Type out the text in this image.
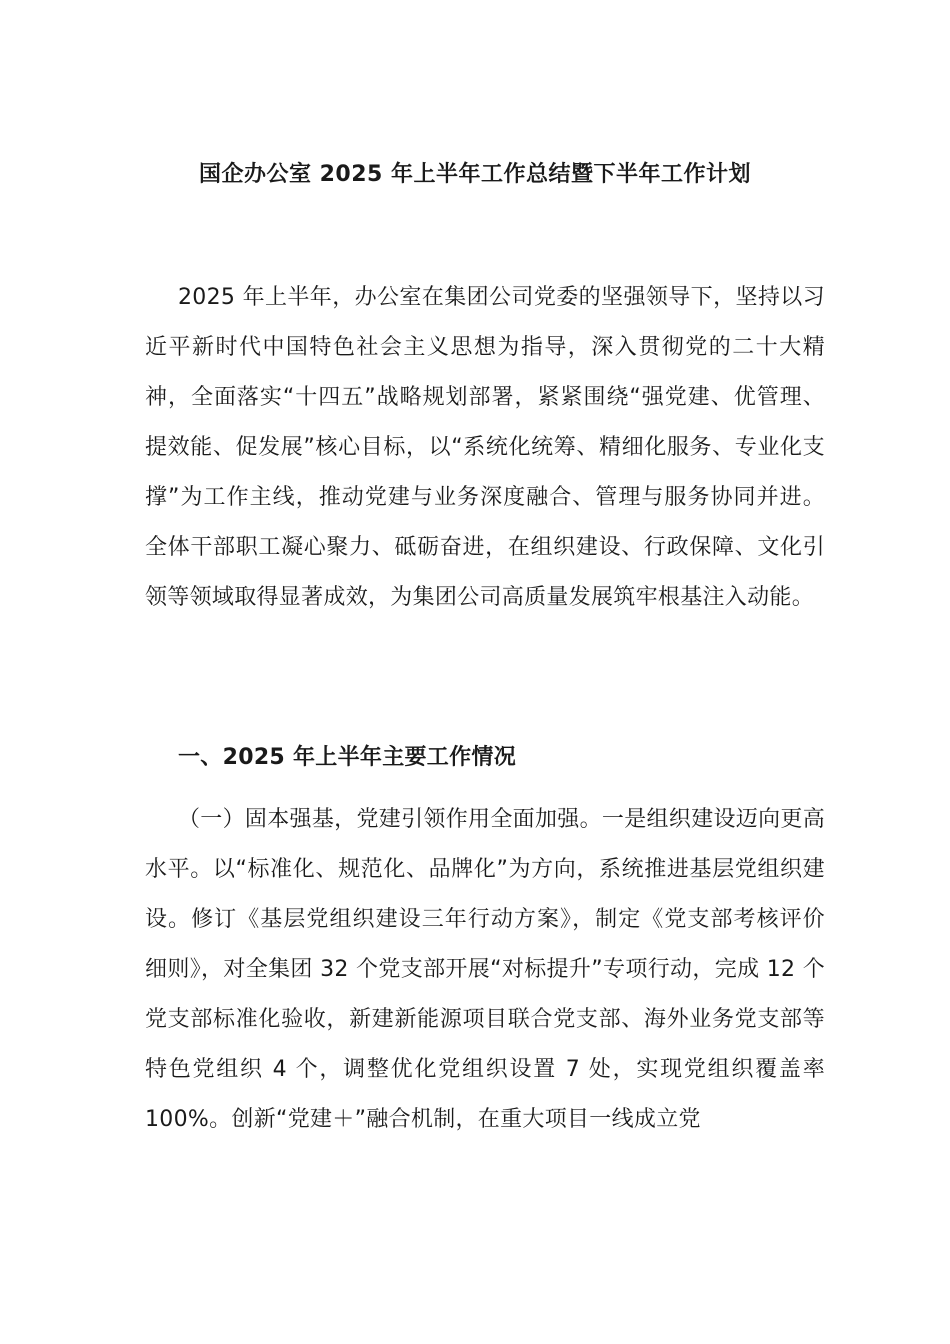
国企办公室 2025 年上半年工作总结暨下半年工作计划

2025 年上半年，办公室在集团公司党委的坚强领导下，坚持以习近平新时代中国特色社会主义思想为指导，深入贯彻党的二十大精神，全面落实“十四五”战略规划部署，紧紧围绕“强党建、优管理、提效能、促发展”核心目标，以“系统化统筹、精细化服务、专业化支撑”为工作主线，推动党建与业务深度融合、管理与服务协同并进。全体干部职工凝心聚力、砥砺奋进，在组织建设、行政保障、文化引领等领域取得显著成效，为集团公司高质量发展筑牢根基注入动能。

一、2025 年上半年主要工作情况

（一）固本强基，党建引领作用全面加强。一是组织建设迈向更高水平。以“标准化、规范化、品牌化”为方向，系统推进基层党组织建设。修订《基层党组织建设三年行动方案》，制定《党支部考核评价细则》，对全集团 32 个党支部开展“对标提升”专项行动，完成 12 个党支部标准化验收，新建新能源项目联合党支部、海外业务党支部等特色党组织 4 个，调整优化党组织设置 7 处，实现党组织覆盖率 100%。创新“党建＋”融合机制，在重大项目一线成立党
